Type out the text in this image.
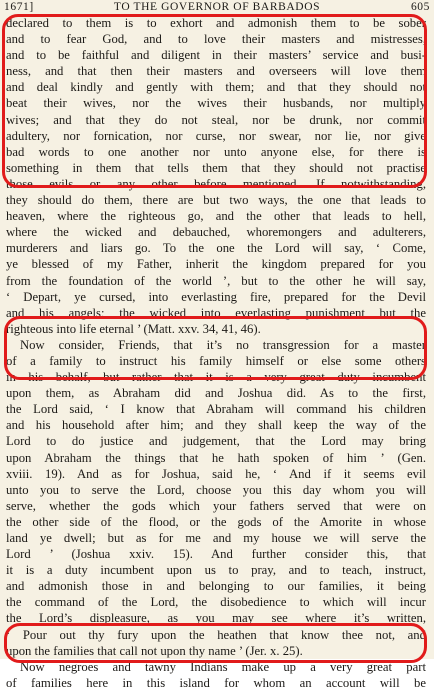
1671]	TO THE GOVERNOR OF BARBADOS	605
declared to them is to exhort and admonish them to be sober
and to fear God, and to love their masters and mistresses,
and to be faithful and diligent in their masters’ service and busi-
ness, and that then their masters and overseers will love them
and deal kindly and gently with them; and that they should not
beat their wives, nor the wives their husbands, nor multiply
wives; and that they do not steal, nor be drunk, nor commit
adultery, nor fornication, nor curse, nor swear, nor lie, nor give
bad words to one another nor unto anyone else, for there is
something in them that tells them that they should not practise
those evils or any other before mentioned. If notwithstanding,
they should do them, there are but two ways, the one that leads to
heaven, where the righteous go, and the other that leads to hell,
where the wicked and debauched, whoremongers and adulterers,
murderers and liars go. To the one the Lord will say, ‘ Come,
ye blessed of my Father, inherit the kingdom prepared for you
from the foundation of the world ’, but to the other he will say,
‘ Depart, ye cursed, into everlasting fire, prepared for the Devil
and his angels; the wicked into everlasting punishment but the
righteous into life eternal ’ (Matt. xxv. 34, 41, 46).
Now consider, Friends, that it’s no transgression for a master
of a family to instruct his family himself or else some others
in his behalf, but rather that it is a very great duty incumbent
upon them, as Abraham did and Joshua did. As to the first,
the Lord said, ‘ I know that Abraham will command his children
and his household after him; and they shall keep the way of the
Lord to do justice and judgement, that the Lord may bring
upon Abraham the things that he hath spoken of him ’ (Gen.
xviii. 19). And as for Joshua, said he, ‘ And if it seems evil
unto you to serve the Lord, choose you this day whom you will
serve, whether the gods which your fathers served that were on
the other side of the flood, or the gods of the Amorite in whose
land ye dwell; but as for me and my house we will serve the
Lord ’ (Joshua xxiv. 15). And further consider this, that
it is a duty incumbent upon us to pray, and to teach, instruct,
and admonish those in and belonging to our families, it being
the command of the Lord, the disobedience to which will incur
the Lord’s displeasure, as you may see where it’s written,
‘ Pour out thy fury upon the heathen that know thee not, and
upon the families that call not upon thy name ’ (Jer. x. 25).
Now negroes and tawny Indians make up a very great part
of families here in this island for whom an account will be
